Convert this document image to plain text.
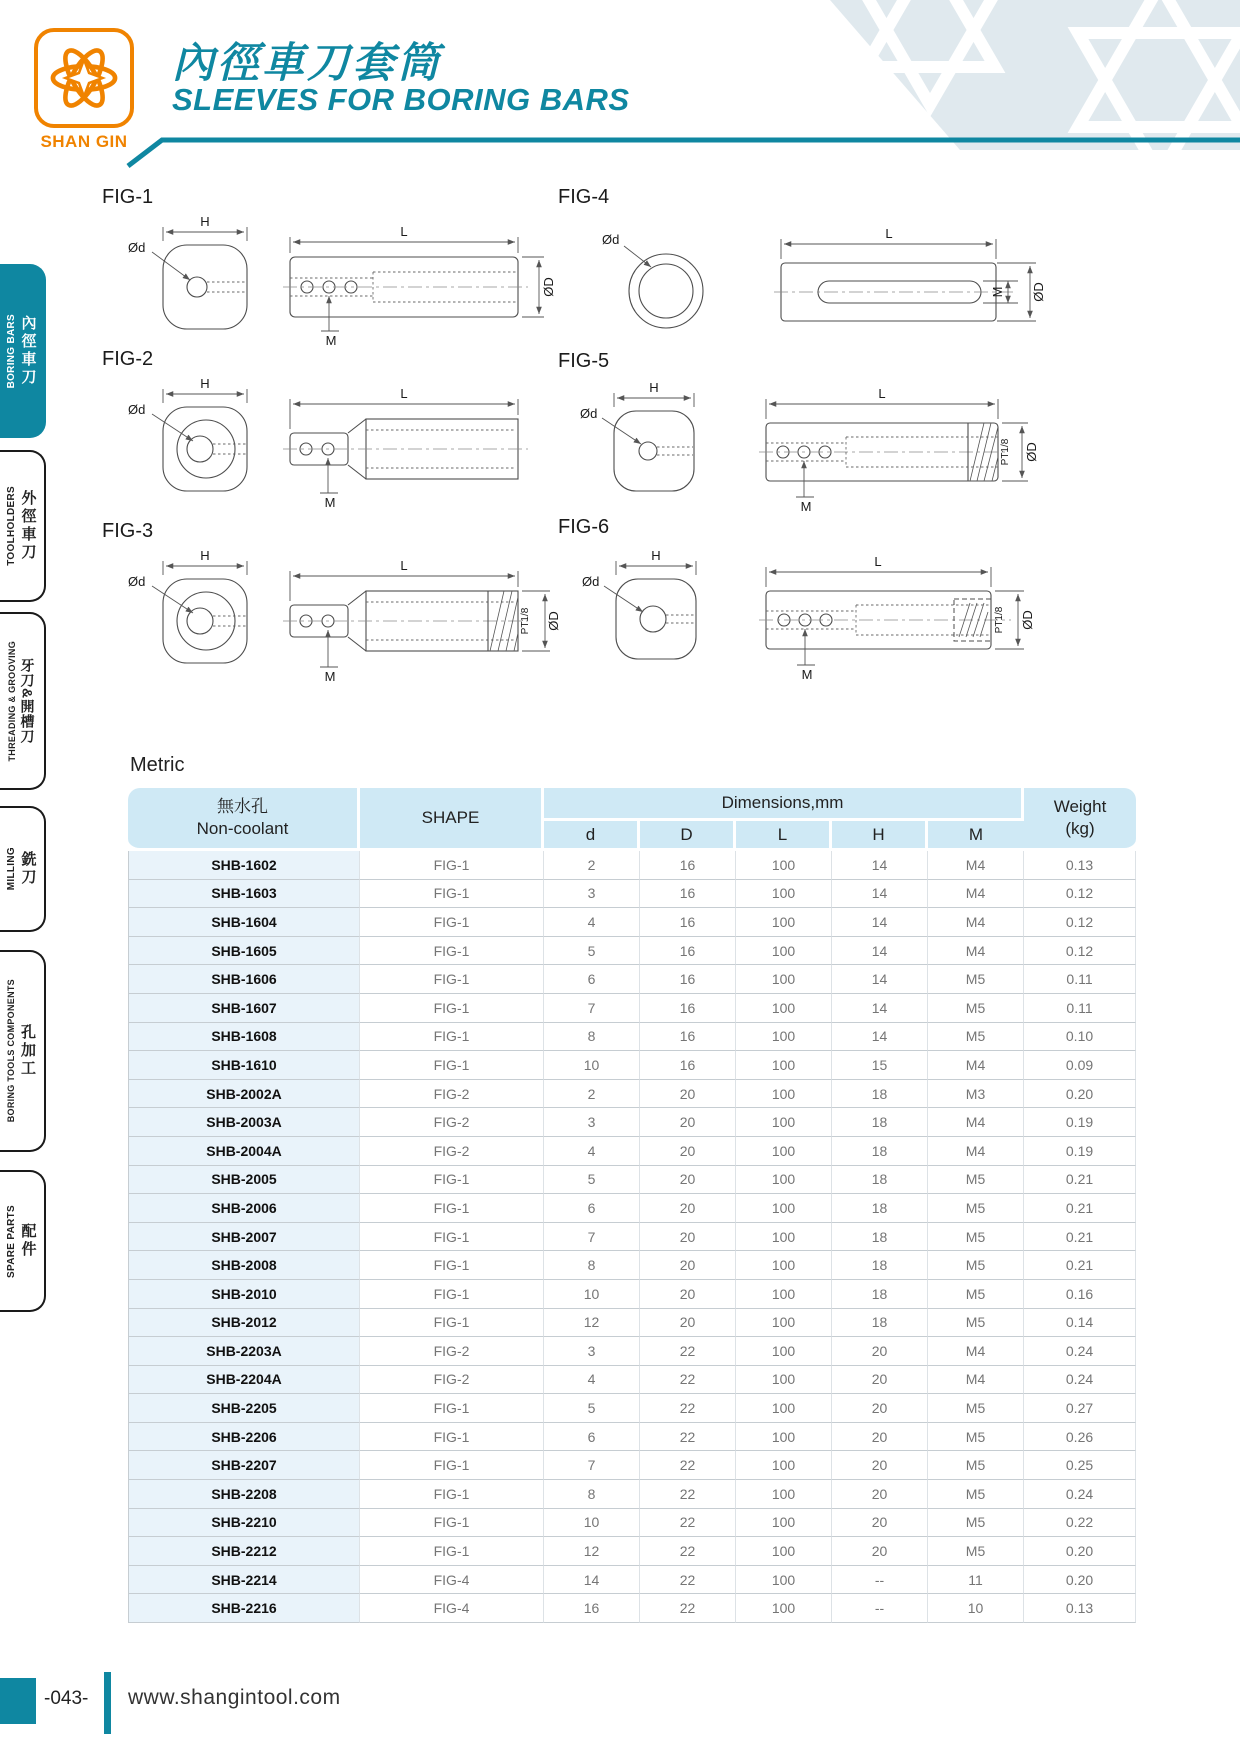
SHAN GIN
內徑車刀套筒
SLEEVES FOR BORING BARS
BORING BARS 內徑車刀
TOOLHOLDERS 外徑車刀
THREADING & GROOVING 牙刀&開槽刀
MILLING 銑刀
BORING TOOLS COMPONENTS 孔加工
SPARE PARTS 配件
FIG-1
H
Ød
L
ØD
M
FIG-2
H
Ød
L
M
FIG-3
H
Ød
L
PT1/8 ØD
M
FIG-4
Ød	L
M ØD
FIG-5
H
Ød
L
PT1/8 ØD
M
FIG-6
H
Ød
L
PT1/8 ØD
M
Metric
無水孔
Non-coolant
	SHAPE	Dimensions,mm	Weight
(kg)

		d	D	L	H	M	
SHB-1602	FIG-1	2	16	100	14	M4	0.13
SHB-1603	FIG-1	3	16	100	14	M4	0.12
SHB-1604	FIG-1	4	16	100	14	M4	0.12
SHB-1605	FIG-1	5	16	100	14	M4	0.12
SHB-1606	FIG-1	6	16	100	14	M5	0.11
SHB-1607	FIG-1	7	16	100	14	M5	0.11
SHB-1608	FIG-1	8	16	100	14	M5	0.10
SHB-1610	FIG-1	10	16	100	15	M4	0.09
SHB-2002A	FIG-2	2	20	100	18	M3	0.20
SHB-2003A	FIG-2	3	20	100	18	M4	0.19
SHB-2004A	FIG-2	4	20	100	18	M4	0.19
SHB-2005	FIG-1	5	20	100	18	M5	0.21
SHB-2006	FIG-1	6	20	100	18	M5	0.21
SHB-2007	FIG-1	7	20	100	18	M5	0.21
SHB-2008	FIG-1	8	20	100	18	M5	0.21
SHB-2010	FIG-1	10	20	100	18	M5	0.16
SHB-2012	FIG-1	12	20	100	18	M5	0.14
SHB-2203A	FIG-2	3	22	100	20	M4	0.24
SHB-2204A	FIG-2	4	22	100	20	M4	0.24
SHB-2205	FIG-1	5	22	100	20	M5	0.27
SHB-2206	FIG-1	6	22	100	20	M5	0.26
SHB-2207	FIG-1	7	22	100	20	M5	0.25
SHB-2208	FIG-1	8	22	100	20	M5	0.24
SHB-2210	FIG-1	10	22	100	20	M5	0.22
SHB-2212	FIG-1	12	22	100	20	M5	0.20
SHB-2214	FIG-4	14	22	100	--	11	0.20
SHB-2216	FIG-4	16	22	100	--	10	0.13
-043- www.shangintool.com
